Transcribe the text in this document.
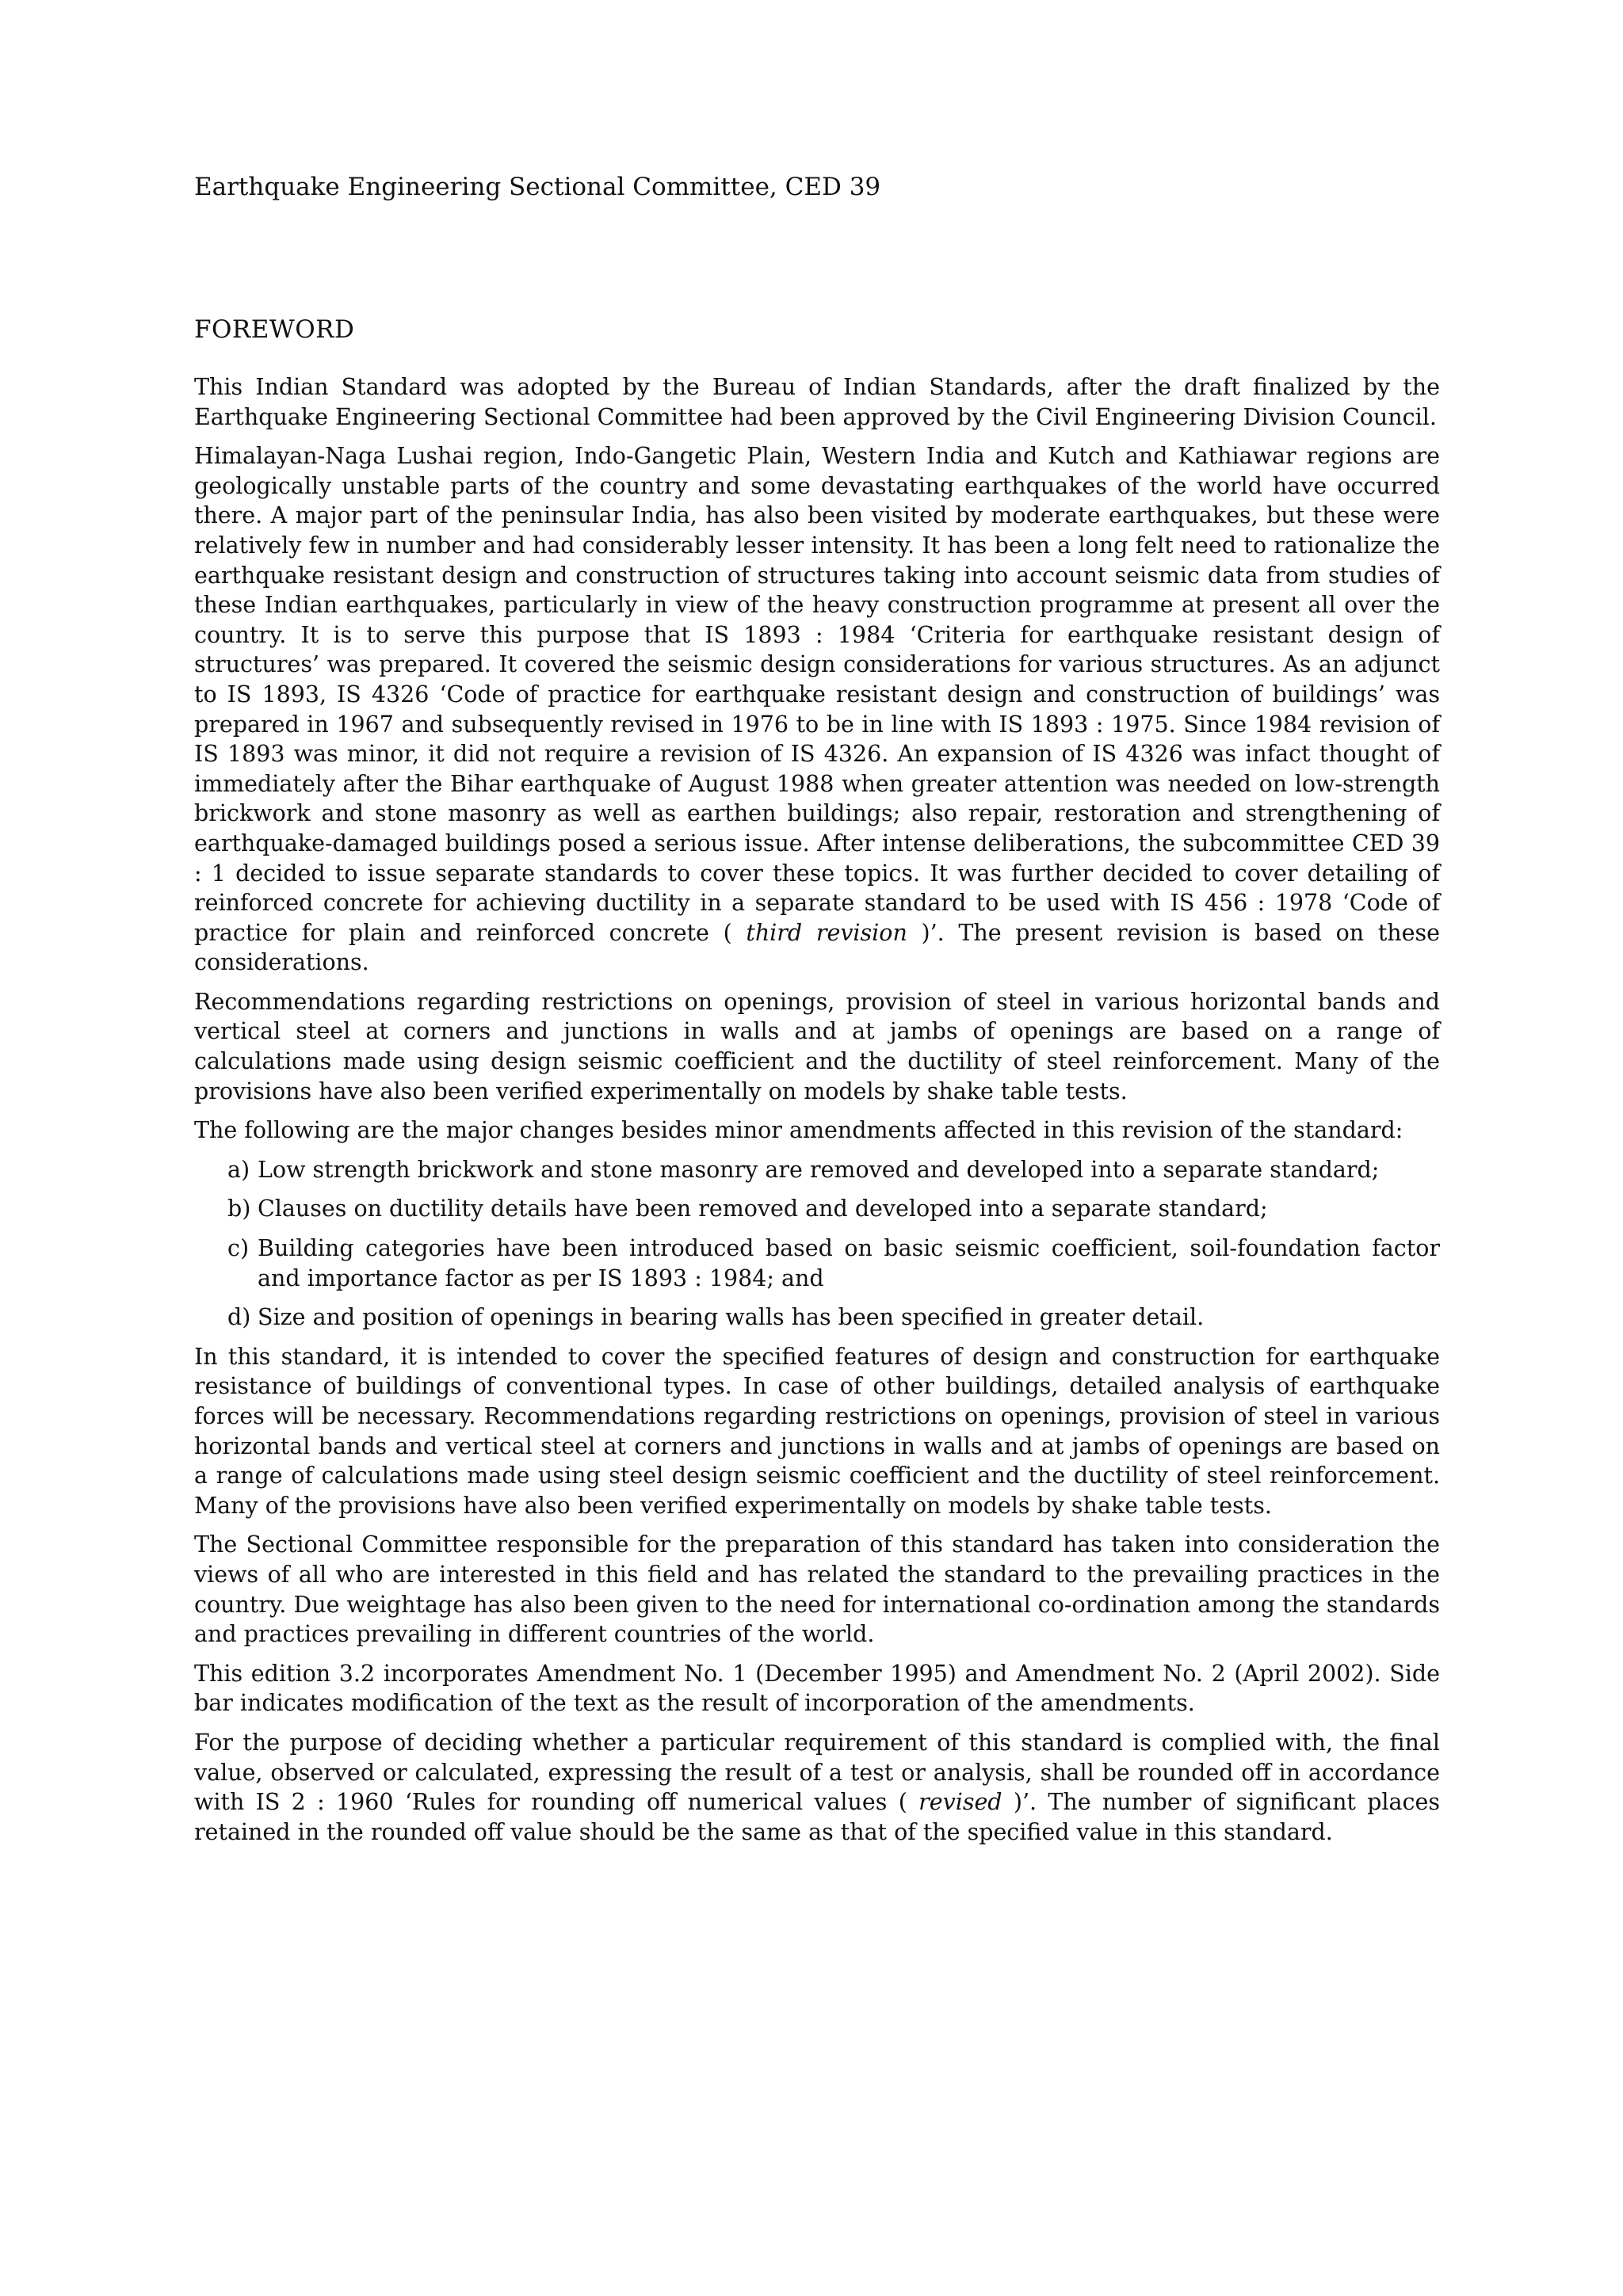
Earthquake Engineering Sectional Committee, CED 39
FOREWORD

This Indian Standard was adopted by the Bureau of Indian Standards, after the draft finalized by the Earthquake Engineering Sectional Committee had been approved by the Civil Engineering Division Council.

Himalayan-Naga Lushai region, Indo-Gangetic Plain, Western India and Kutch and Kathiawar regions are geologically unstable parts of the country and some devastating earthquakes of the world have occurred there. A major part of the peninsular India, has also been visited by moderate earthquakes, but these were relatively few in number and had considerably lesser intensity. It has been a long felt need to rationalize the earthquake resistant design and construction of structures taking into account seismic data from studies of these Indian earthquakes, particularly in view of the heavy construction programme at present all over the country. It is to serve this purpose that IS 1893 : 1984 ‘Criteria for earthquake resistant design of structures’ was prepared. It covered the seismic design considerations for various structures. As an adjunct to IS 1893, IS 4326 ‘Code of practice for earthquake resistant design and construction of buildings’ was prepared in 1967 and subsequently revised in 1976 to be in line with IS 1893 : 1975. Since 1984 revision of IS 1893 was minor, it did not require a revision of IS 4326. An expansion of IS 4326 was infact thought of immediately after the Bihar earthquake of August 1988 when greater attention was needed on low-strength brickwork and stone masonry as well as earthen buildings; also repair, restoration and strengthening of earthquake-damaged buildings posed a serious issue. After intense deliberations, the subcommittee CED 39 : 1 decided to issue separate standards to cover these topics. It was further decided to cover detailing of reinforced concrete for achieving ductility in a separate standard to be used with IS 456 : 1978 ‘Code of practice for plain and reinforced concrete ( third revision )’. The present revision is based on these considerations.

Recommendations regarding restrictions on openings, provision of steel in various horizontal bands and vertical steel at corners and junctions in walls and at jambs of openings are based on a range of calculations made using design seismic coefficient and the ductility of steel reinforcement. Many of the provisions have also been verified experimentally on models by shake table tests.

The following are the major changes besides minor amendments affected in this revision of the standard:

a) Low strength brickwork and stone masonry are removed and developed into a separate standard;
b) Clauses on ductility details have been removed and developed into a separate standard;
c) Building categories have been introduced based on basic seismic coefficient, soil-foundation factor and importance factor as per IS 1893 : 1984; and
d) Size and position of openings in bearing walls has been specified in greater detail.

In this standard, it is intended to cover the specified features of design and construction for earthquake resistance of buildings of conventional types. In case of other buildings, detailed analysis of earthquake forces will be necessary. Recommendations regarding restrictions on openings, provision of steel in various horizontal bands and vertical steel at corners and junctions in walls and at jambs of openings are based on a range of calculations made using steel design seismic coefficient and the ductility of steel reinforcement. Many of the provisions have also been verified experimentally on models by shake table tests.

The Sectional Committee responsible for the preparation of this standard has taken into consideration the views of all who are interested in this field and has related the standard to the prevailing practices in the country. Due weightage has also been given to the need for international co-ordination among the standards and practices prevailing in different countries of the world.

This edition 3.2 incorporates Amendment No. 1 (December 1995) and Amendment No. 2 (April 2002). Side bar indicates modification of the text as the result of incorporation of the amendments.

For the purpose of deciding whether a particular requirement of this standard is complied with, the final value, observed or calculated, expressing the result of a test or analysis, shall be rounded off in accordance with IS 2 : 1960 ‘Rules for rounding off numerical values ( revised )’. The number of significant places retained in the rounded off value should be the same as that of the specified value in this standard.
